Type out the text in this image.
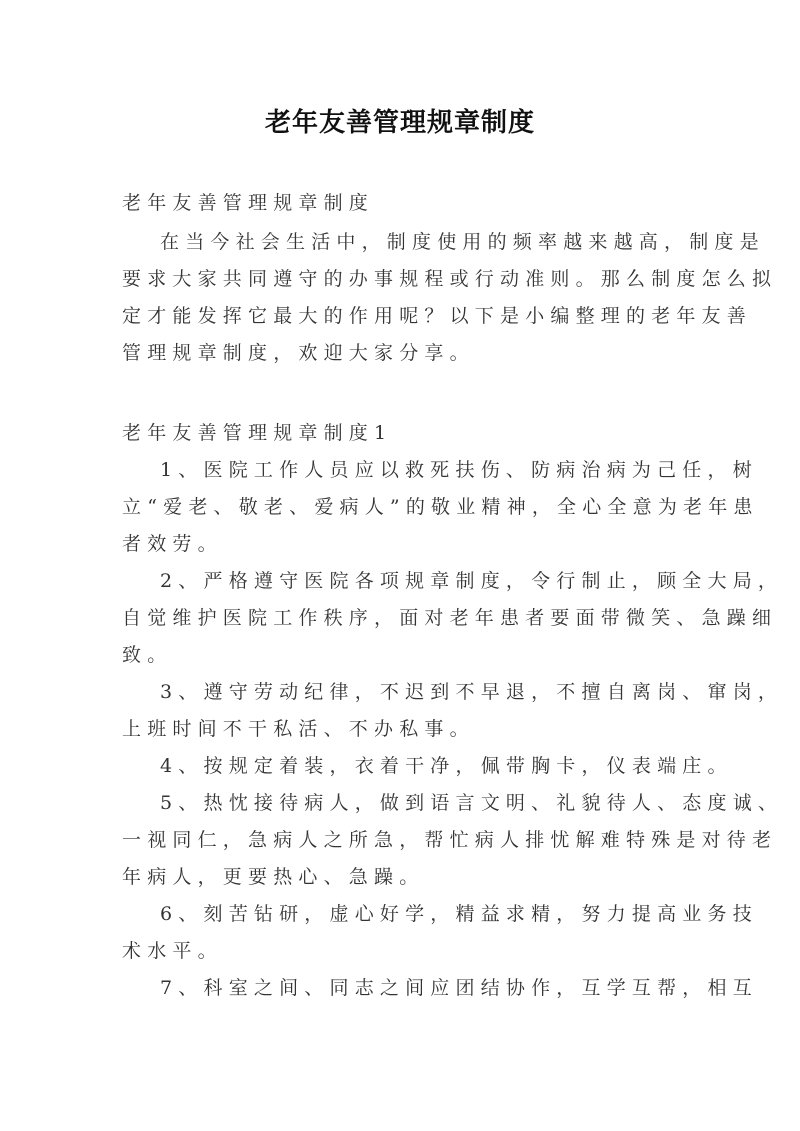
老年友善管理规章制度
老年友善管理规章制度
在当今社会生活中，制度使用的频率越来越高，制度是
要求大家共同遵守的办事规程或行动准则。那么制度怎么拟
定才能发挥它最大的作用呢？以下是小编整理的老年友善
管理规章制度，欢迎大家分享。
老年友善管理规章制度1
1、医院工作人员应以救死扶伤、防病治病为己任，树
立“爱老、敬老、爱病人”的敬业精神，全心全意为老年患
者效劳。
2、严格遵守医院各项规章制度，令行制止，顾全大局，
自觉维护医院工作秩序，面对老年患者要面带微笑、急躁细
致。
3、遵守劳动纪律，不迟到不早退，不擅自离岗、窜岗，
上班时间不干私活、不办私事。
4、按规定着装，衣着干净，佩带胸卡，仪表端庄。
5、热忱接待病人，做到语言文明、礼貌待人、态度诚、
一视同仁，急病人之所急，帮忙病人排忧解难特殊是对待老
年病人，更要热心、急躁。
6、刻苦钻研，虚心好学，精益求精，努力提高业务技
术水平。
7、科室之间、同志之间应团结协作，互学互帮，相互
